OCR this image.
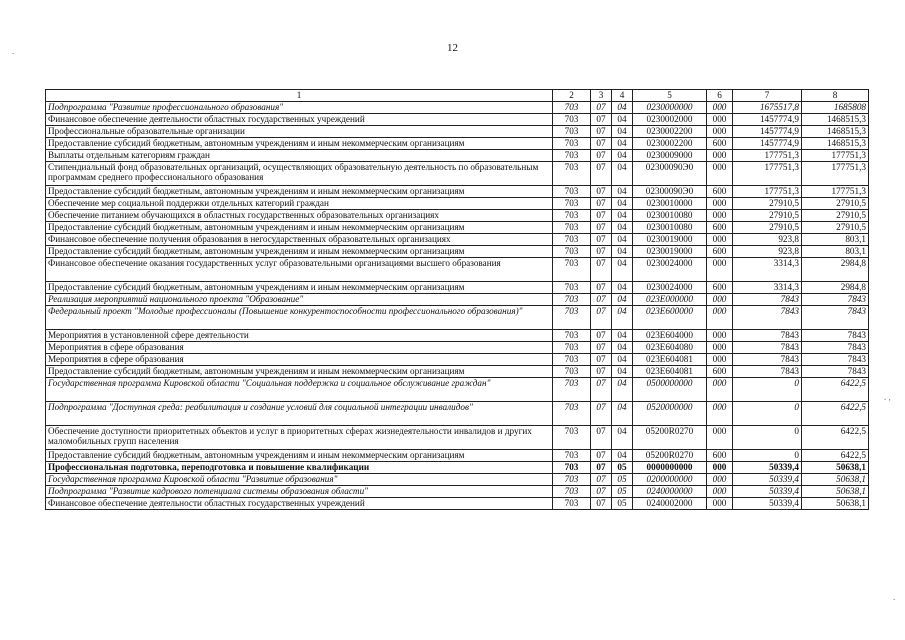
12
.
. ,
.
1	2	3	4	5	6	7	8
Подпрограмма "Развитие профессионального образования"	703	07	04	0230000000	000	1675517,8	1685808
Финансовое обеспечение деятельности областных государственных учреждений	703	07	04	0230002000	000	1457774,9	1468515,3
Профессиональные образовательные организации	703	07	04	0230002200	000	1457774,9	1468515,3
Предоставление субсидий бюджетным, автономным учреждениям и иным некоммерческим организациям	703	07	04	0230002200	600	1457774,9	1468515,3
Выплаты отдельным категориям граждан	703	07	04	0230009000	000	177751,3	177751,3
Стипендиальный фонд образовательных организаций, осуществляющих образовательную деятельность по образовательным программам среднего профессионального образования	703	07	04	02300090Э0	000	177751,3	177751,3
Предоставление субсидий бюджетным, автономным учреждениям и иным некоммерческим организациям	703	07	04	02300090Э0	600	177751,3	177751,3
Обеспечение мер социальной поддержки отдельных категорий граждан	703	07	04	0230010000	000	27910,5	27910,5
Обеспечение питанием обучающихся в областных государственных образовательных организациях	703	07	04	0230010080	000	27910,5	27910,5
Предоставление субсидий бюджетным, автономным учреждениям и иным некоммерческим организациям	703	07	04	0230010080	600	27910,5	27910,5
Финансовое обеспечение получения образования в негосударственных образовательных организациях	703	07	04	0230019000	000	923,8	803,1
Предоставление субсидий бюджетным, автономным учреждениям и иным некоммерческим организациям	703	07	04	0230019000	600	923,8	803,1
Финансовое обеспечение оказания государственных услуг образовательными организациями высшего образования	703	07	04	0230024000	000	3314,3	2984,8
Предоставление субсидий бюджетным, автономным учреждениям и иным некоммерческим организациям	703	07	04	0230024000	600	3314,3	2984,8
Реализация мероприятий национального проекта "Образование"	703	07	04	023Е000000	000	7843	7843
Федеральный проект "Молодые профессионалы (Повышение конкурентоспособности профессионального образования)"	703	07	04	023Е600000	000	7843	7843
Мероприятия в установленной сфере деятельности	703	07	04	023Е604000	000	7843	7843
Мероприятия в сфере образования	703	07	04	023Е604080	000	7843	7843
Мероприятия в сфере образования	703	07	04	023Е604081	000	7843	7843
Предоставление субсидий бюджетным, автономным учреждениям и иным некоммерческим организациям	703	07	04	023Е604081	600	7843	7843
Государственная программа Кировской области "Социальная поддержка и социальное обслуживание граждан"	703	07	04	0500000000	000	0	6422,5
Подпрограмма "Доступная среда: реабилитация и создание условий для социальной интеграции инвалидов"	703	07	04	0520000000	000	0	6422,5
Обеспечение доступности приоритетных объектов и услуг в приоритетных сферах жизнедеятельности инвалидов и других маломобильных групп населения	703	07	04	05200R0270	000	0	6422,5
Предоставление субсидий бюджетным, автономным учреждениям и иным некоммерческим организациям	703	07	04	05200R0270	600	0	6422,5
Профессиональная подготовка, переподготовка и повышение квалификации	703	07	05	0000000000	000	50339,4	50638,1
Государственная программа Кировской области "Развитие образования"	703	07	05	0200000000	000	50339,4	50638,1
Подпрограмма "Развитие кадрового потенциала системы образования области"	703	07	05	0240000000	000	50339,4	50638,1
Финансовое обеспечение деятельности областных государственных учреждений	703	07	05	0240002000	000	50339,4	50638,1
